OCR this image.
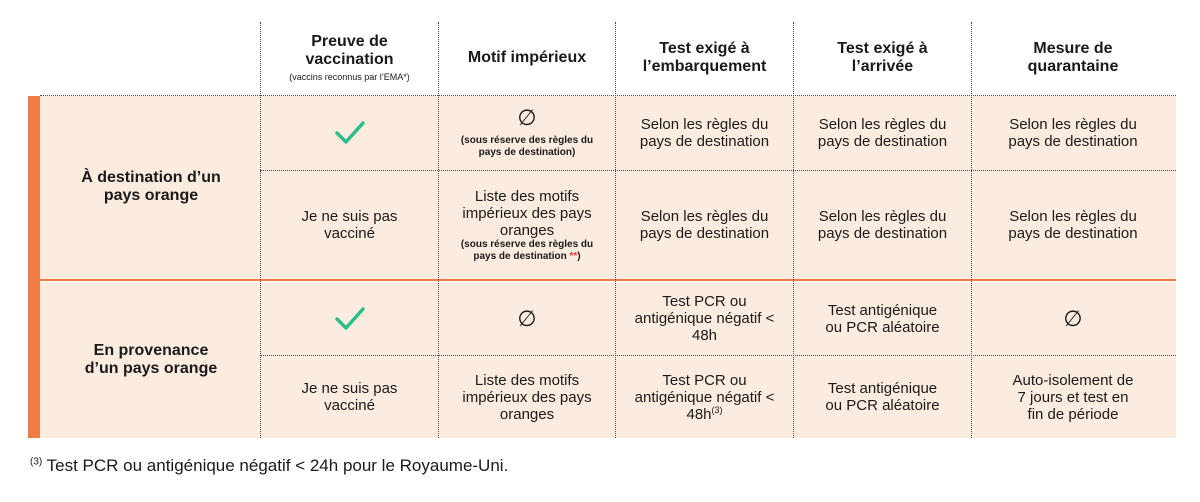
Preuve de vaccination
(vaccins reconnus par l’EMA*)
Motif impérieux
Test exigé à l’embarquement
Test exigé à l’arrivée
Mesure de quarantaine
À destination d’un pays orange
En provenance d’un pays orange
∅
(sous réserve des règles du pays de destination)
Selon les règles du pays de destination
Selon les règles du pays de destination
Selon les règles du pays de destination
Je ne suis pas vacciné
Liste des motifs impérieux des pays oranges
(sous réserve des règles du pays de destination **)
Selon les règles du pays de destination
Selon les règles du pays de destination
Selon les règles du pays de destination
∅
Test PCR ou antigénique négatif < 48h
Test antigénique ou PCR aléatoire	∅
Je ne suis pas vacciné
Liste des motifs impérieux des pays oranges
Test PCR ou antigénique négatif < $48h^{(3)}$
Test antigénique ou PCR aléatoire
Auto-isolement de 7 jours et test en fin de période
$^{(3)}$ Test PCR ou antigénique négatif < 24h pour le Royaume-Uni.
